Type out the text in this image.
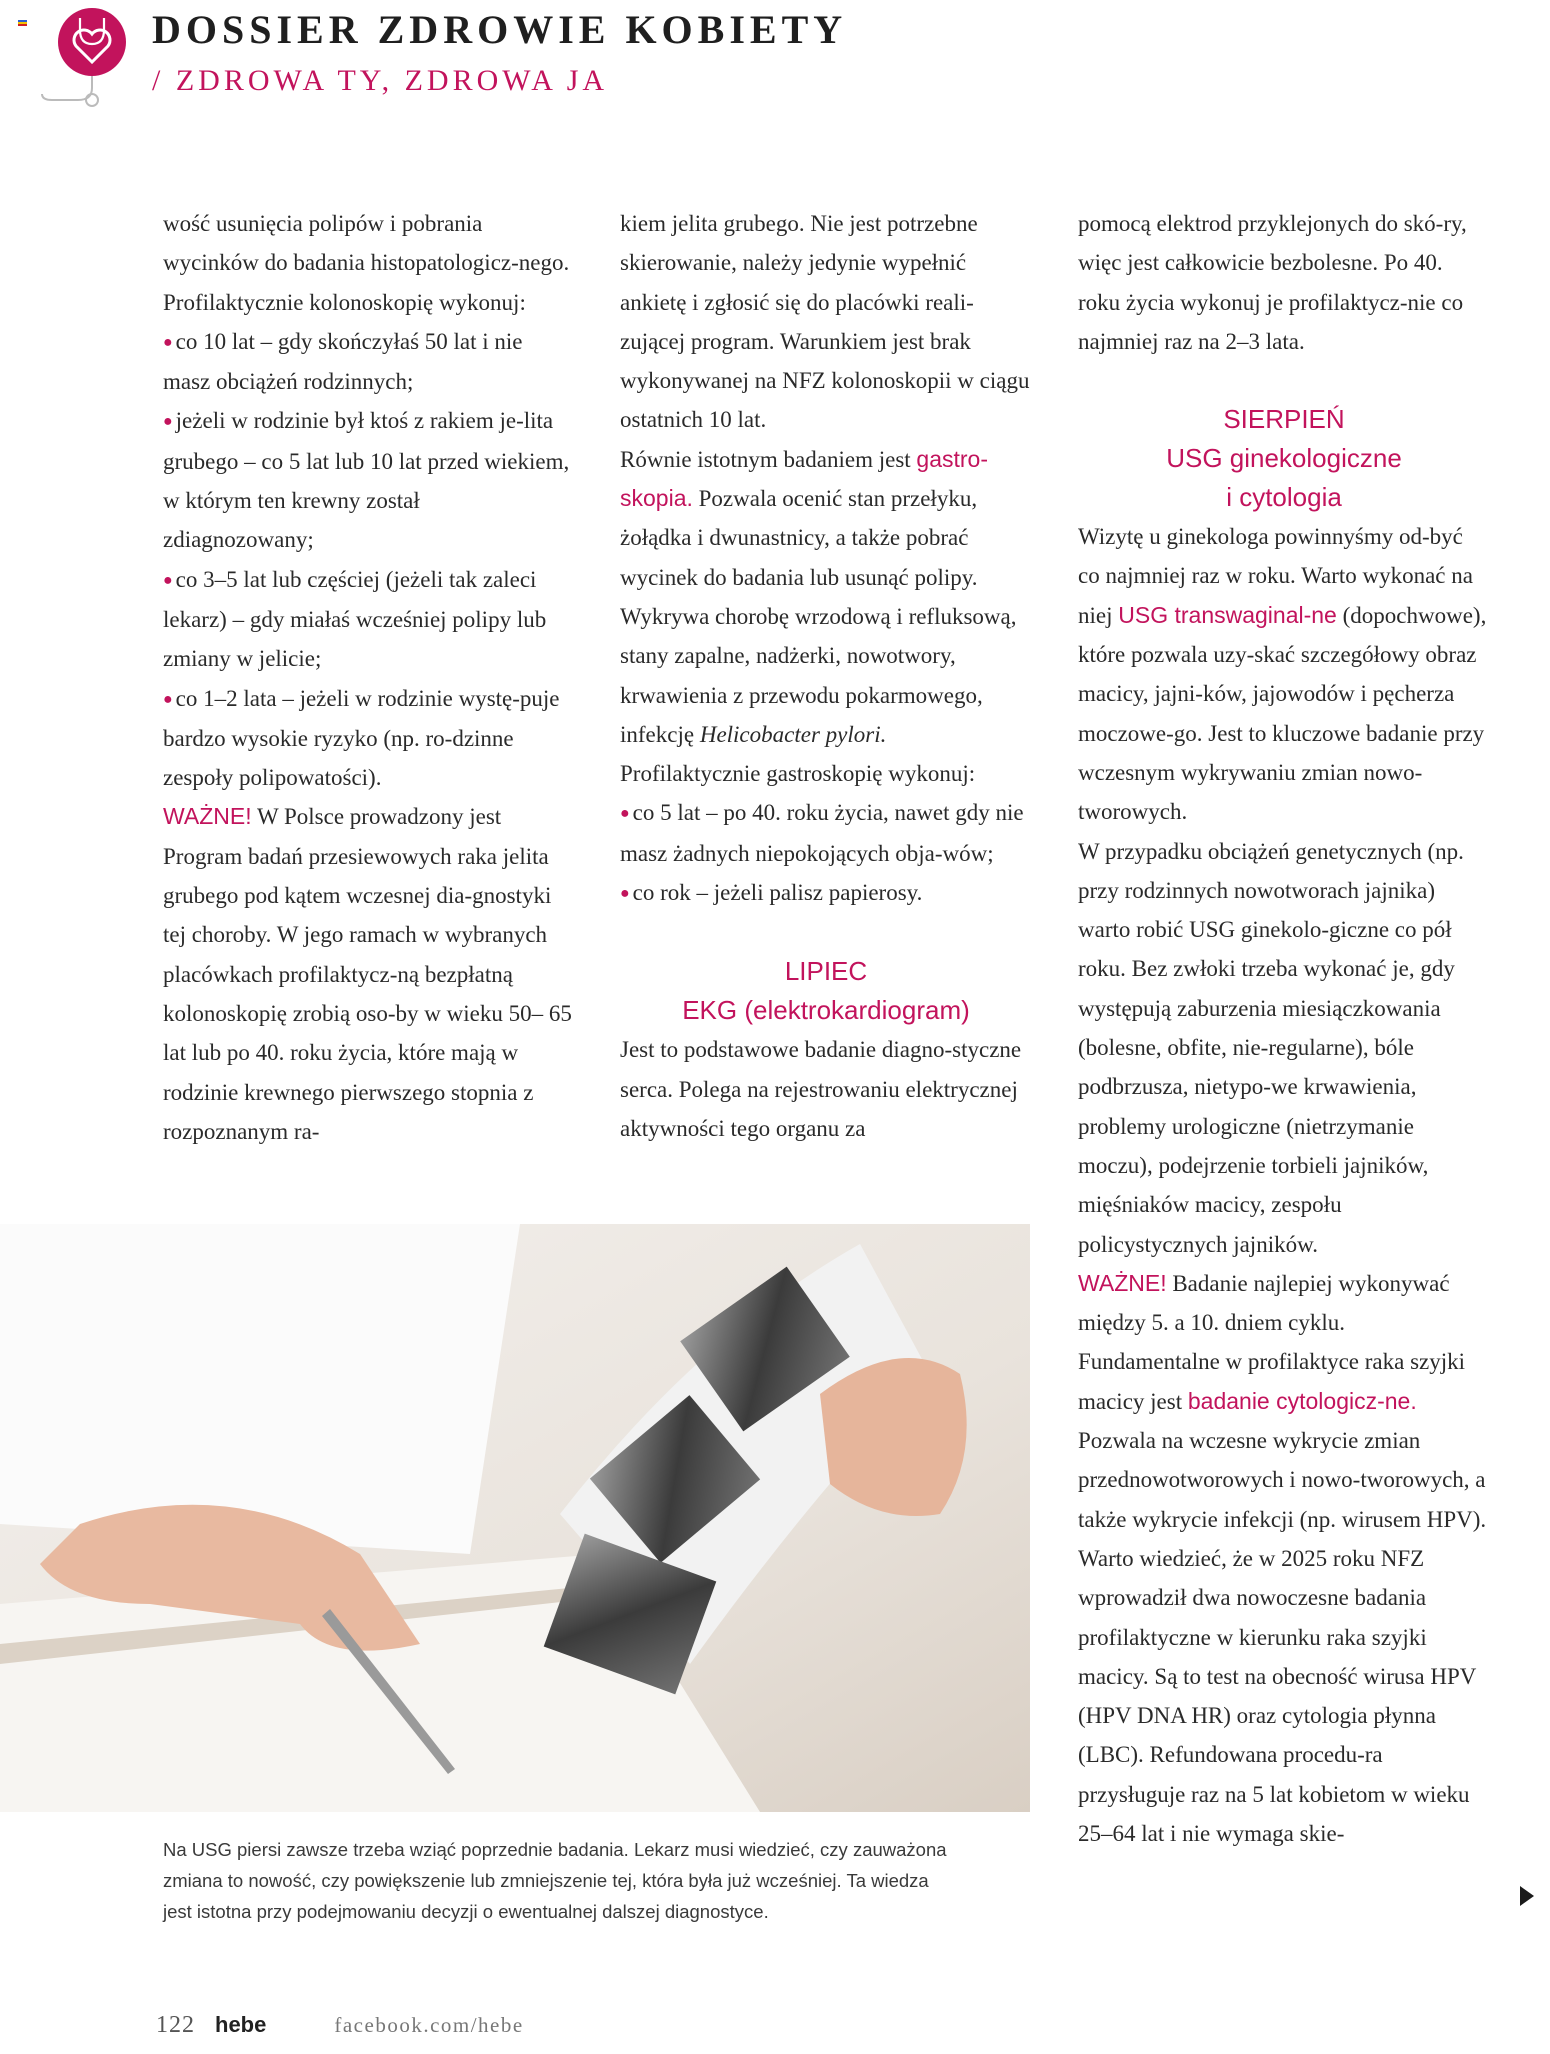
DOSSIER ZDROWIE KOBIETY
/ ZDROWA TY, ZDROWA JA

wość usunięcia polipów i pobrania wycinków do badania histopatologicz-nego.

Profilaktycznie kolonoskopię wykonuj:

● co 10 lat – gdy skończyłaś 50 lat i nie masz obciążeń rodzinnych;

● jeżeli w rodzinie był ktoś z rakiem je-lita grubego – co 5 lat lub 10 lat przed wiekiem, w którym ten krewny został zdiagnozowany;

● co 3–5 lat lub częściej (jeżeli tak zaleci lekarz) – gdy miałaś wcześniej polipy lub zmiany w jelicie;

● co 1–2 lata – jeżeli w rodzinie wystę-puje bardzo wysokie ryzyko (np. ro-dzinne zespoły polipowatości).

WAŻNE! W Polsce prowadzony jest Program badań przesiewowych raka jelita grubego pod kątem wczesnej dia-gnostyki tej choroby. W jego ramach w wybranych placówkach profilaktycz-ną bezpłatną kolonoskopię zrobią oso-by w wieku 50– 65 lat lub po 40. roku życia, które mają w rodzinie krewnego pierwszego stopnia z rozpoznanym ra-

kiem jelita grubego. Nie jest potrzebne skierowanie, należy jedynie wypełnić ankietę i zgłosić się do placówki reali-zującej program. Warunkiem jest brak wykonywanej na NFZ kolonoskopii w ciągu ostatnich 10 lat.

Równie istotnym badaniem jest gastro-skopia. Pozwala ocenić stan przełyku, żołądka i dwunastnicy, a także pobrać wycinek do badania lub usunąć polipy. Wykrywa chorobę wrzodową i refluksową, stany zapalne, nadżerki, nowotwory, krwawienia z przewodu pokarmowego, infekcję Helicobacter pylori.

Profilaktycznie gastroskopię wykonuj:

● co 5 lat – po 40. roku życia, nawet gdy nie masz żadnych niepokojących obja-wów;

● co rok – jeżeli palisz papierosy.

LIPIEC

EKG (elektrokardiogram)

Jest to podstawowe badanie diagno-styczne serca. Polega na rejestrowaniu elektrycznej aktywności tego organu za

pomocą elektrod przyklejonych do skó-ry, więc jest całkowicie bezbolesne. Po 40. roku życia wykonuj je profilaktycz-nie co najmniej raz na 2–3 lata.

SIERPIEŃ

USG ginekologiczne

i cytologia

Wizytę u ginekologa powinnyśmy od-być co najmniej raz w roku. Warto wykonać na niej USG transwaginal-ne (dopochwowe), które pozwala uzy-skać szczegółowy obraz macicy, jajni-ków, jajowodów i pęcherza moczowe-go. Jest to kluczowe badanie przy wczesnym wykrywaniu zmian nowo-tworowych.

W przypadku obciążeń genetycznych (np. przy rodzinnych nowotworach jajnika) warto robić USG ginekolo-giczne co pół roku. Bez zwłoki trzeba wykonać je, gdy występują zaburzenia miesiączkowania (bolesne, obfite, nie-regularne), bóle podbrzusza, nietypo-we krwawienia, problemy urologiczne (nietrzymanie moczu), podejrzenie torbieli jajników, mięśniaków macicy, zespołu policystycznych jajników.

WAŻNE! Badanie najlepiej wykonywać między 5. a 10. dniem cyklu.

Fundamentalne w profilaktyce raka szyjki macicy jest badanie cytologicz-ne. Pozwala na wczesne wykrycie zmian przednowotworowych i nowo-tworowych, a także wykrycie infekcji (np. wirusem HPV).

Warto wiedzieć, że w 2025 roku NFZ wprowadził dwa nowoczesne badania profilaktyczne w kierunku raka szyjki macicy. Są to test na obecność wirusa HPV (HPV DNA HR) oraz cytologia płynna (LBC). Refundowana procedu-ra przysługuje raz na 5 lat kobietom w wieku 25–64 lat i nie wymaga skie-

Na USG piersi zawsze trzeba wziąć poprzednie badania. Lekarz musi wiedzieć, czy zauważona

zmiana to nowość, czy powiększenie lub zmniejszenie tej, która była już wcześniej. Ta wiedza

jest istotna przy podejmowaniu decyzji o ewentualnej dalszej diagnostyce.

122 hebe	facebook.com/hebe
